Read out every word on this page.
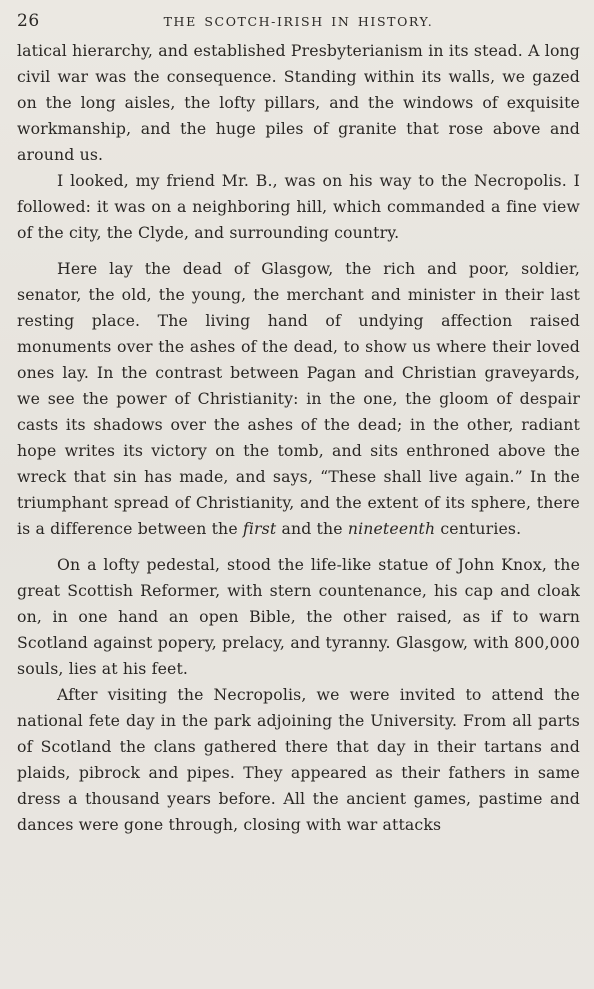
26	THE SCOTCH-IRISH IN HISTORY.

latical hierarchy, and established Presbyterianism in its stead. A long civil war was the consequence. Standing within its walls, we gazed on the long aisles, the lofty pillars, and the windows of exquisite workmanship, and the huge piles of granite that rose above and around us.

I looked, my friend Mr. B., was on his way to the Necropolis. I followed: it was on a neighboring hill, which commanded a fine view of the city, the Clyde, and surrounding country.

Here lay the dead of Glasgow, the rich and poor, soldier, senator, the old, the young, the merchant and minister in their last resting place. The living hand of undying affection raised monuments over the ashes of the dead, to show us where their loved ones lay. In the contrast between Pagan and Christian graveyards, we see the power of Christianity: in the one, the gloom of despair casts its shadows over the ashes of the dead; in the other, radiant hope writes its victory on the tomb, and sits enthroned above the wreck that sin has made, and says, “These shall live again.” In the triumphant spread of Christianity, and the extent of its sphere, there is a difference between the first and the nineteenth centuries.

On a lofty pedestal, stood the life-like statue of John Knox, the great Scottish Reformer, with stern countenance, his cap and cloak on, in one hand an open Bible, the other raised, as if to warn Scotland against popery, prelacy, and tyranny. Glasgow, with 800,000 souls, lies at his feet.

After visiting the Necropolis, we were invited to attend the national fete day in the park adjoining the University. From all parts of Scotland the clans gathered there that day in their tartans and plaids, pibrock and pipes. They appeared as their fathers in same dress a thousand years before. All the ancient games, pastime and dances were gone through, closing with war attacks
